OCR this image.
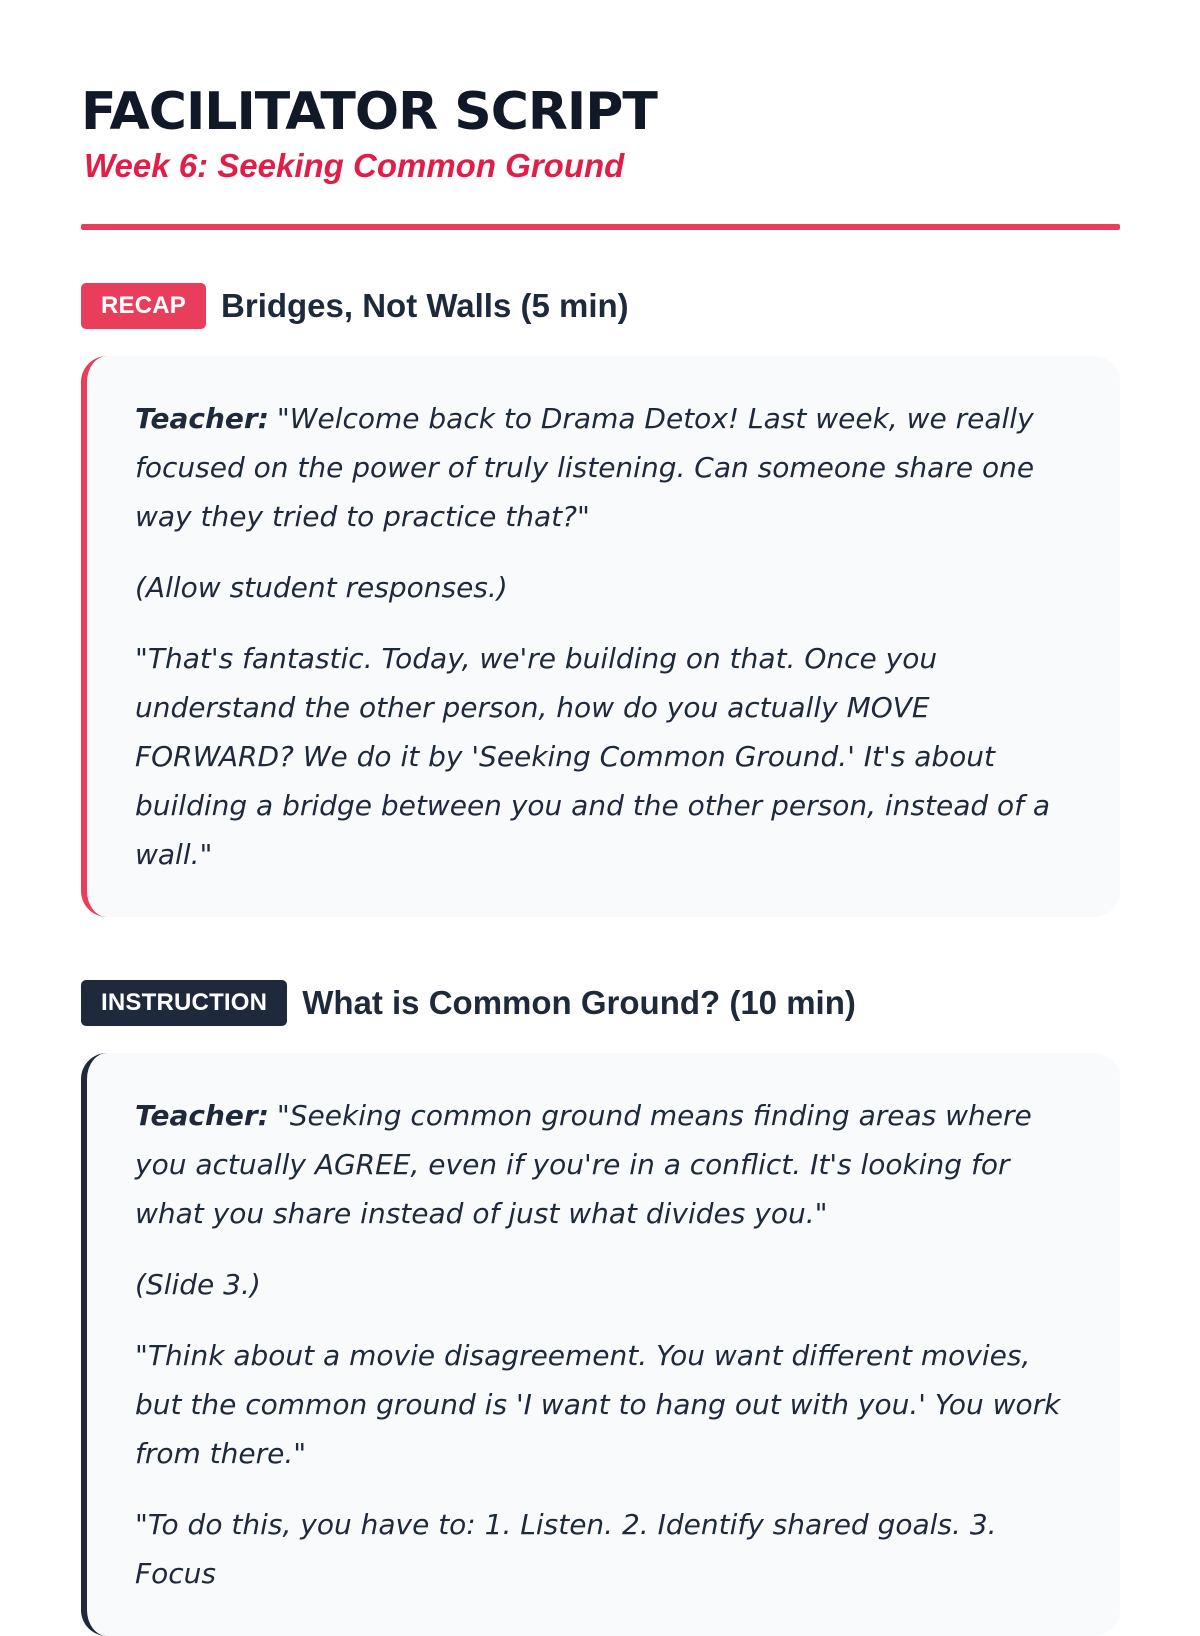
FACILITATOR SCRIPT
Week 6: Seeking Common Ground
RECAP	Bridges, Not Walls (5 min)

Teacher: "Welcome back to Drama Detox! Last week, we really focused on the power of truly listening. Can someone share one way they tried to practice that?"

(Allow student responses.)

"That's fantastic. Today, we're building on that. Once you understand the other person, how do you actually MOVE FORWARD? We do it by 'Seeking Common Ground.' It's about building a bridge between you and the other person, instead of a wall."

INSTRUCTION	What is Common Ground? (10 min)

Teacher: "Seeking common ground means finding areas where you actually AGREE, even if you're in a conflict. It's looking for what you share instead of just what divides you."

(Slide 3.)

"Think about a movie disagreement. You want different movies, but the common ground is 'I want to hang out with you.' You work from there."

"To do this, you have to: 1. Listen. 2. Identify shared goals. 3. Focus
